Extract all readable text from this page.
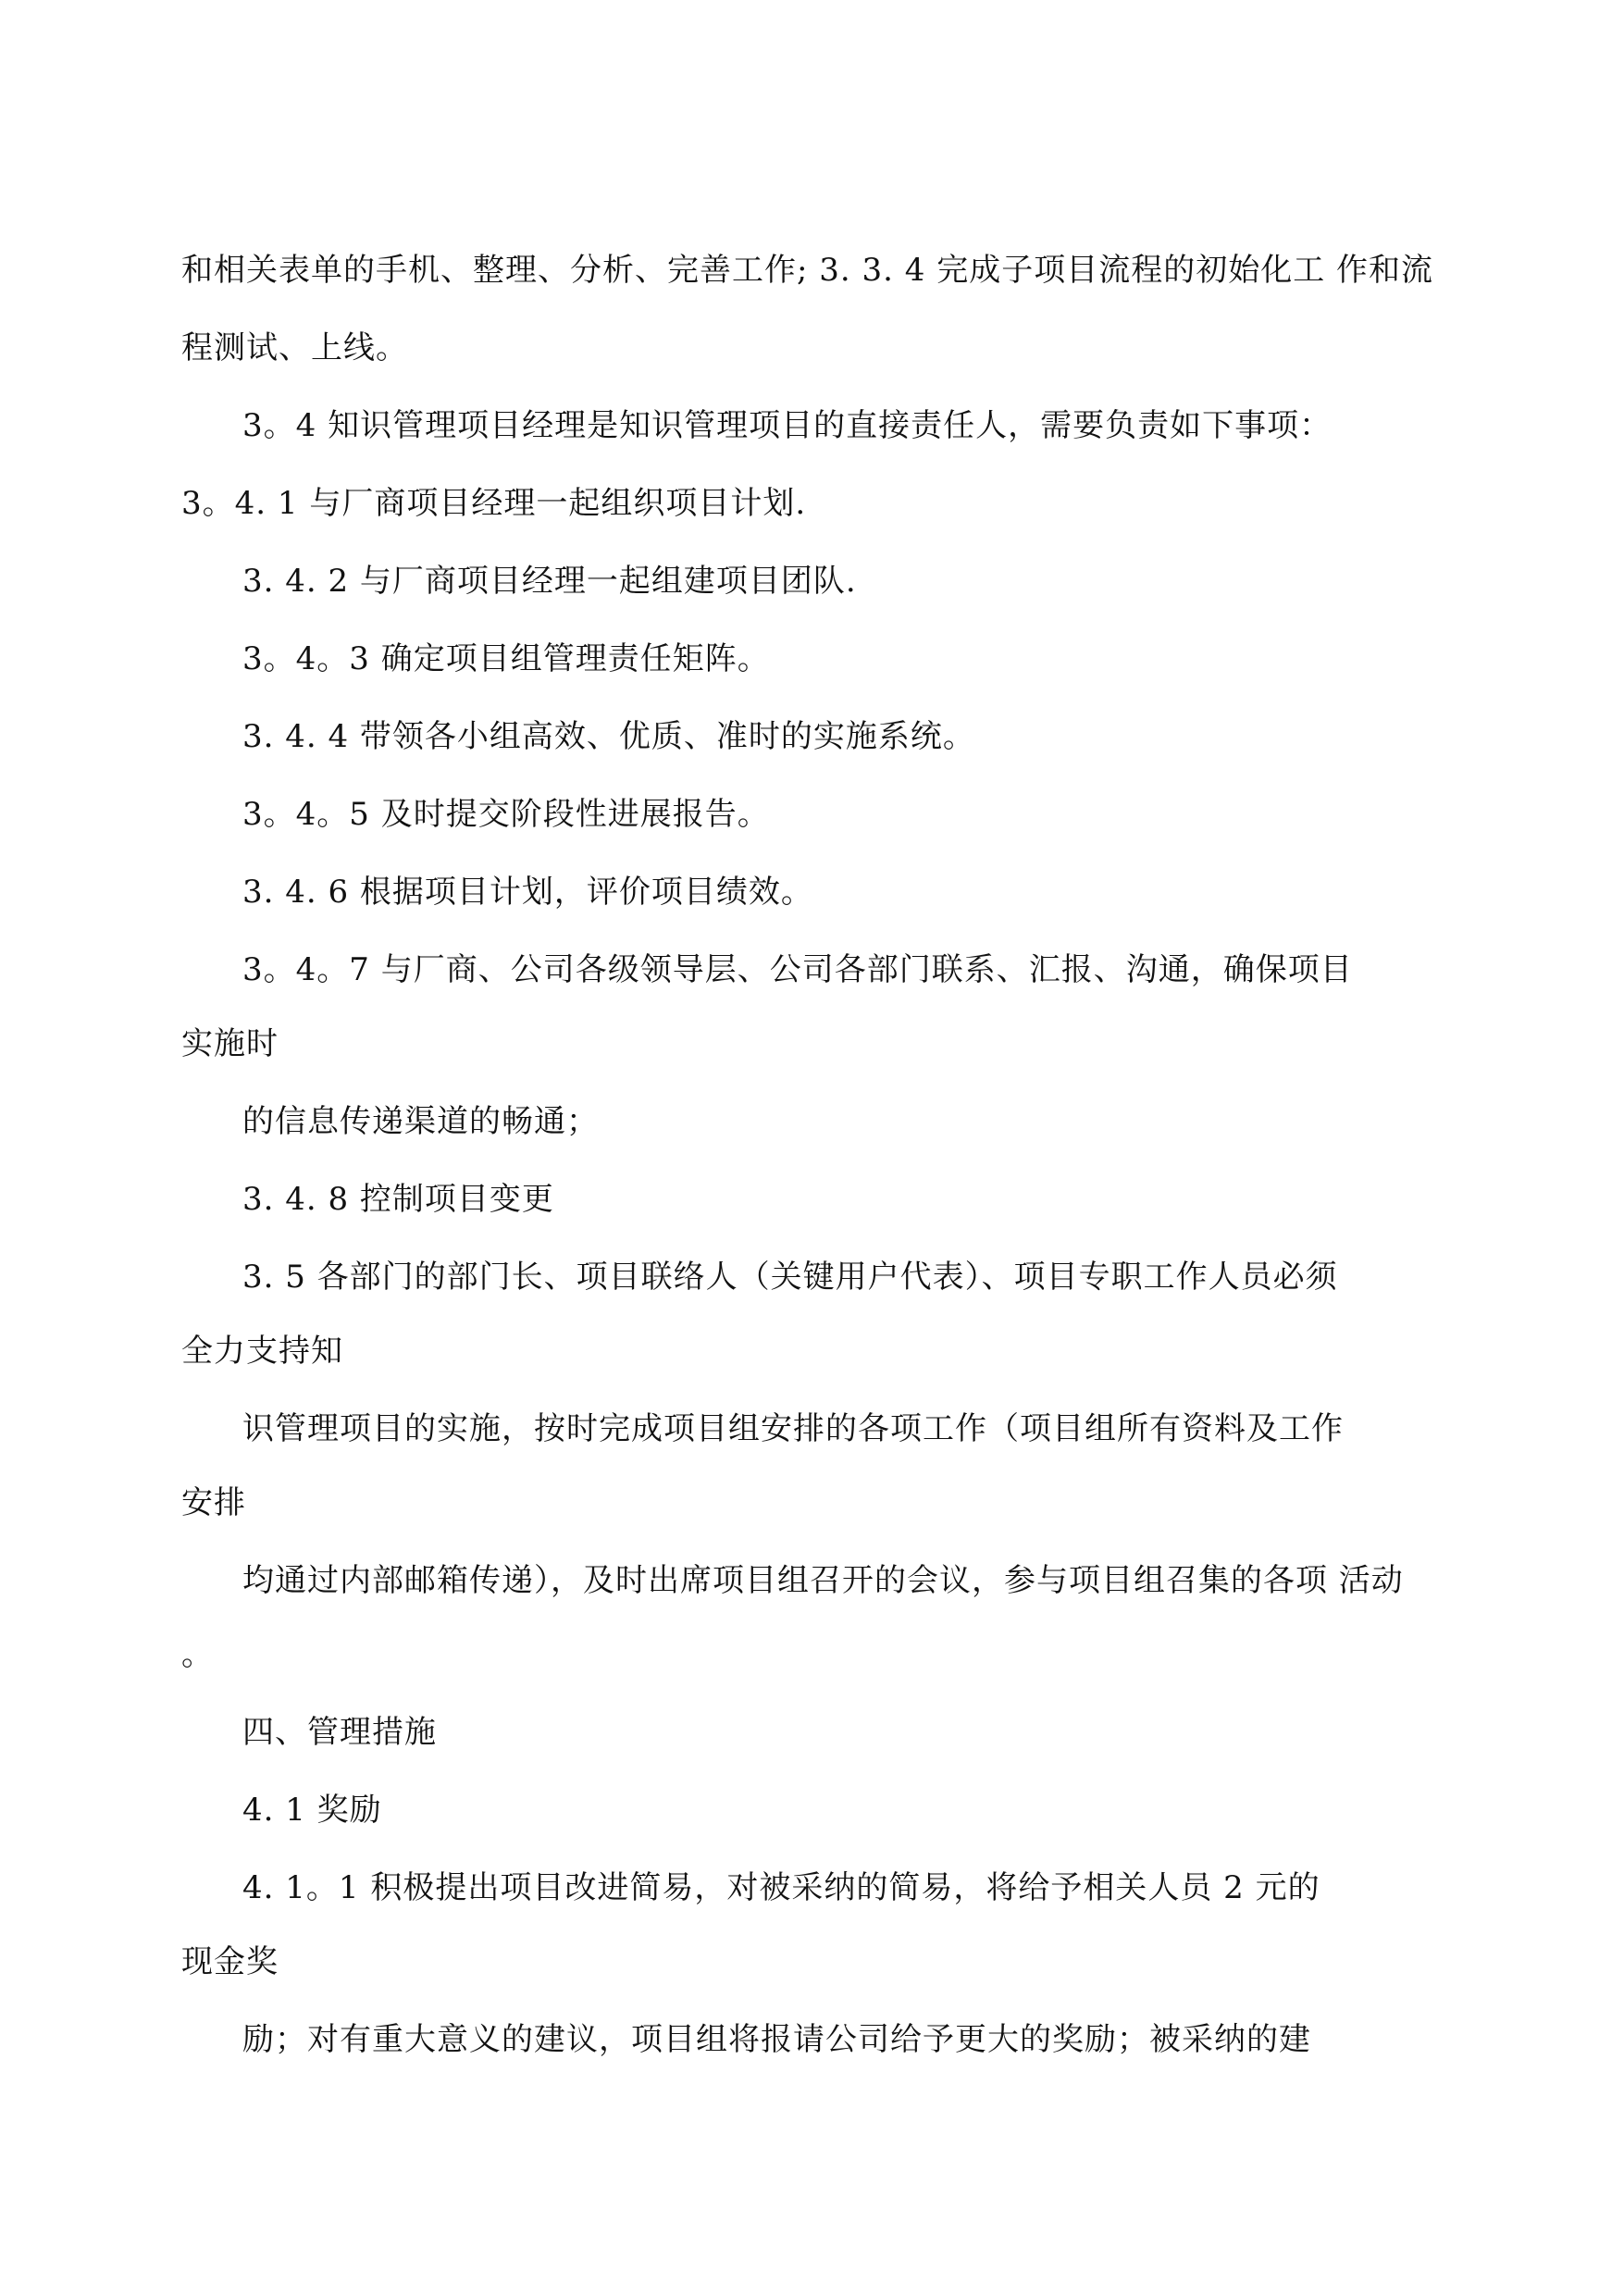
和相关表单的手机、整理、分析、完善工作; 3. 3. 4 完成子项目流程的初始化工 作和流
程测试、上线。
3。4 知识管理项目经理是知识管理项目的直接责任人，需要负责如下事项：
3。4. 1 与厂商项目经理一起组织项目计划.
3. 4. 2 与厂商项目经理一起组建项目团队.
3。4。3 确定项目组管理责任矩阵。
3. 4. 4 带领各小组高效、优质、准时的实施系统。
3。4。5 及时提交阶段性进展报告。
3. 4. 6 根据项目计划，评价项目绩效。
3。4。7 与厂商、公司各级领导层、公司各部门联系、汇报、沟通，确保项目
实施时
的信息传递渠道的畅通；
3. 4. 8 控制项目变更
3. 5 各部门的部门长、项目联络人（关键用户代表）、项目专职工作人员必须
全力支持知
识管理项目的实施，按时完成项目组安排的各项工作（项目组所有资料及工作
安排
均通过内部邮箱传递），及时出席项目组召开的会议，参与项目组召集的各项 活动
。
四、管理措施
4. 1 奖励
4. 1。1 积极提出项目改进简易，对被采纳的简易，将给予相关人员 2 元的
现金奖
励；对有重大意义的建议，项目组将报请公司给予更大的奖励；被采纳的建
